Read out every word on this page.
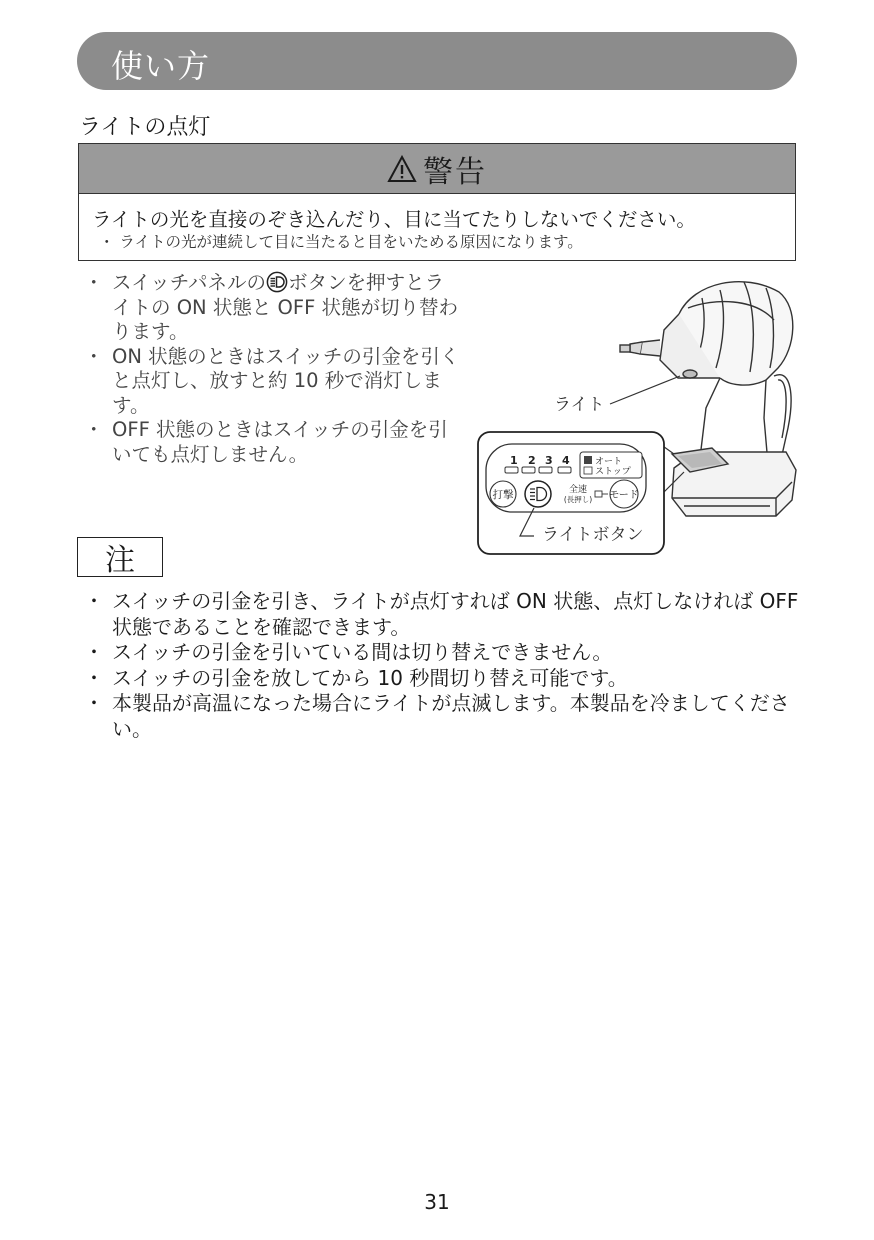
使い方
ライトの点灯
警告
ライトの光を直接のぞき込んだり、目に当てたりしないでください。
・ ライトの光が連続して目に当たると目をいためる原因になります。
・ スイッチパネルの ボタンを押すとライトの ON 状態と OFF 状態が切り替わります。
・ ON 状態のときはスイッチの引金を引くと点灯し、放すと約 10 秒で消灯します。
・ OFF 状態のときはスイッチの引金を引いても点灯しません。
ライト
1 2 3 4	オート
ストップ
打撃	全速
(長押し) モード
ライトボタン
注
・ スイッチの引金を引き、ライトが点灯すれば ON 状態、点灯しなければ OFF 状態であることを確認できます。
・ スイッチの引金を引いている間は切り替えできません。
・ スイッチの引金を放してから 10 秒間切り替え可能です。
・ 本製品が高温になった場合にライトが点滅します。本製品を冷ましてください。
31
